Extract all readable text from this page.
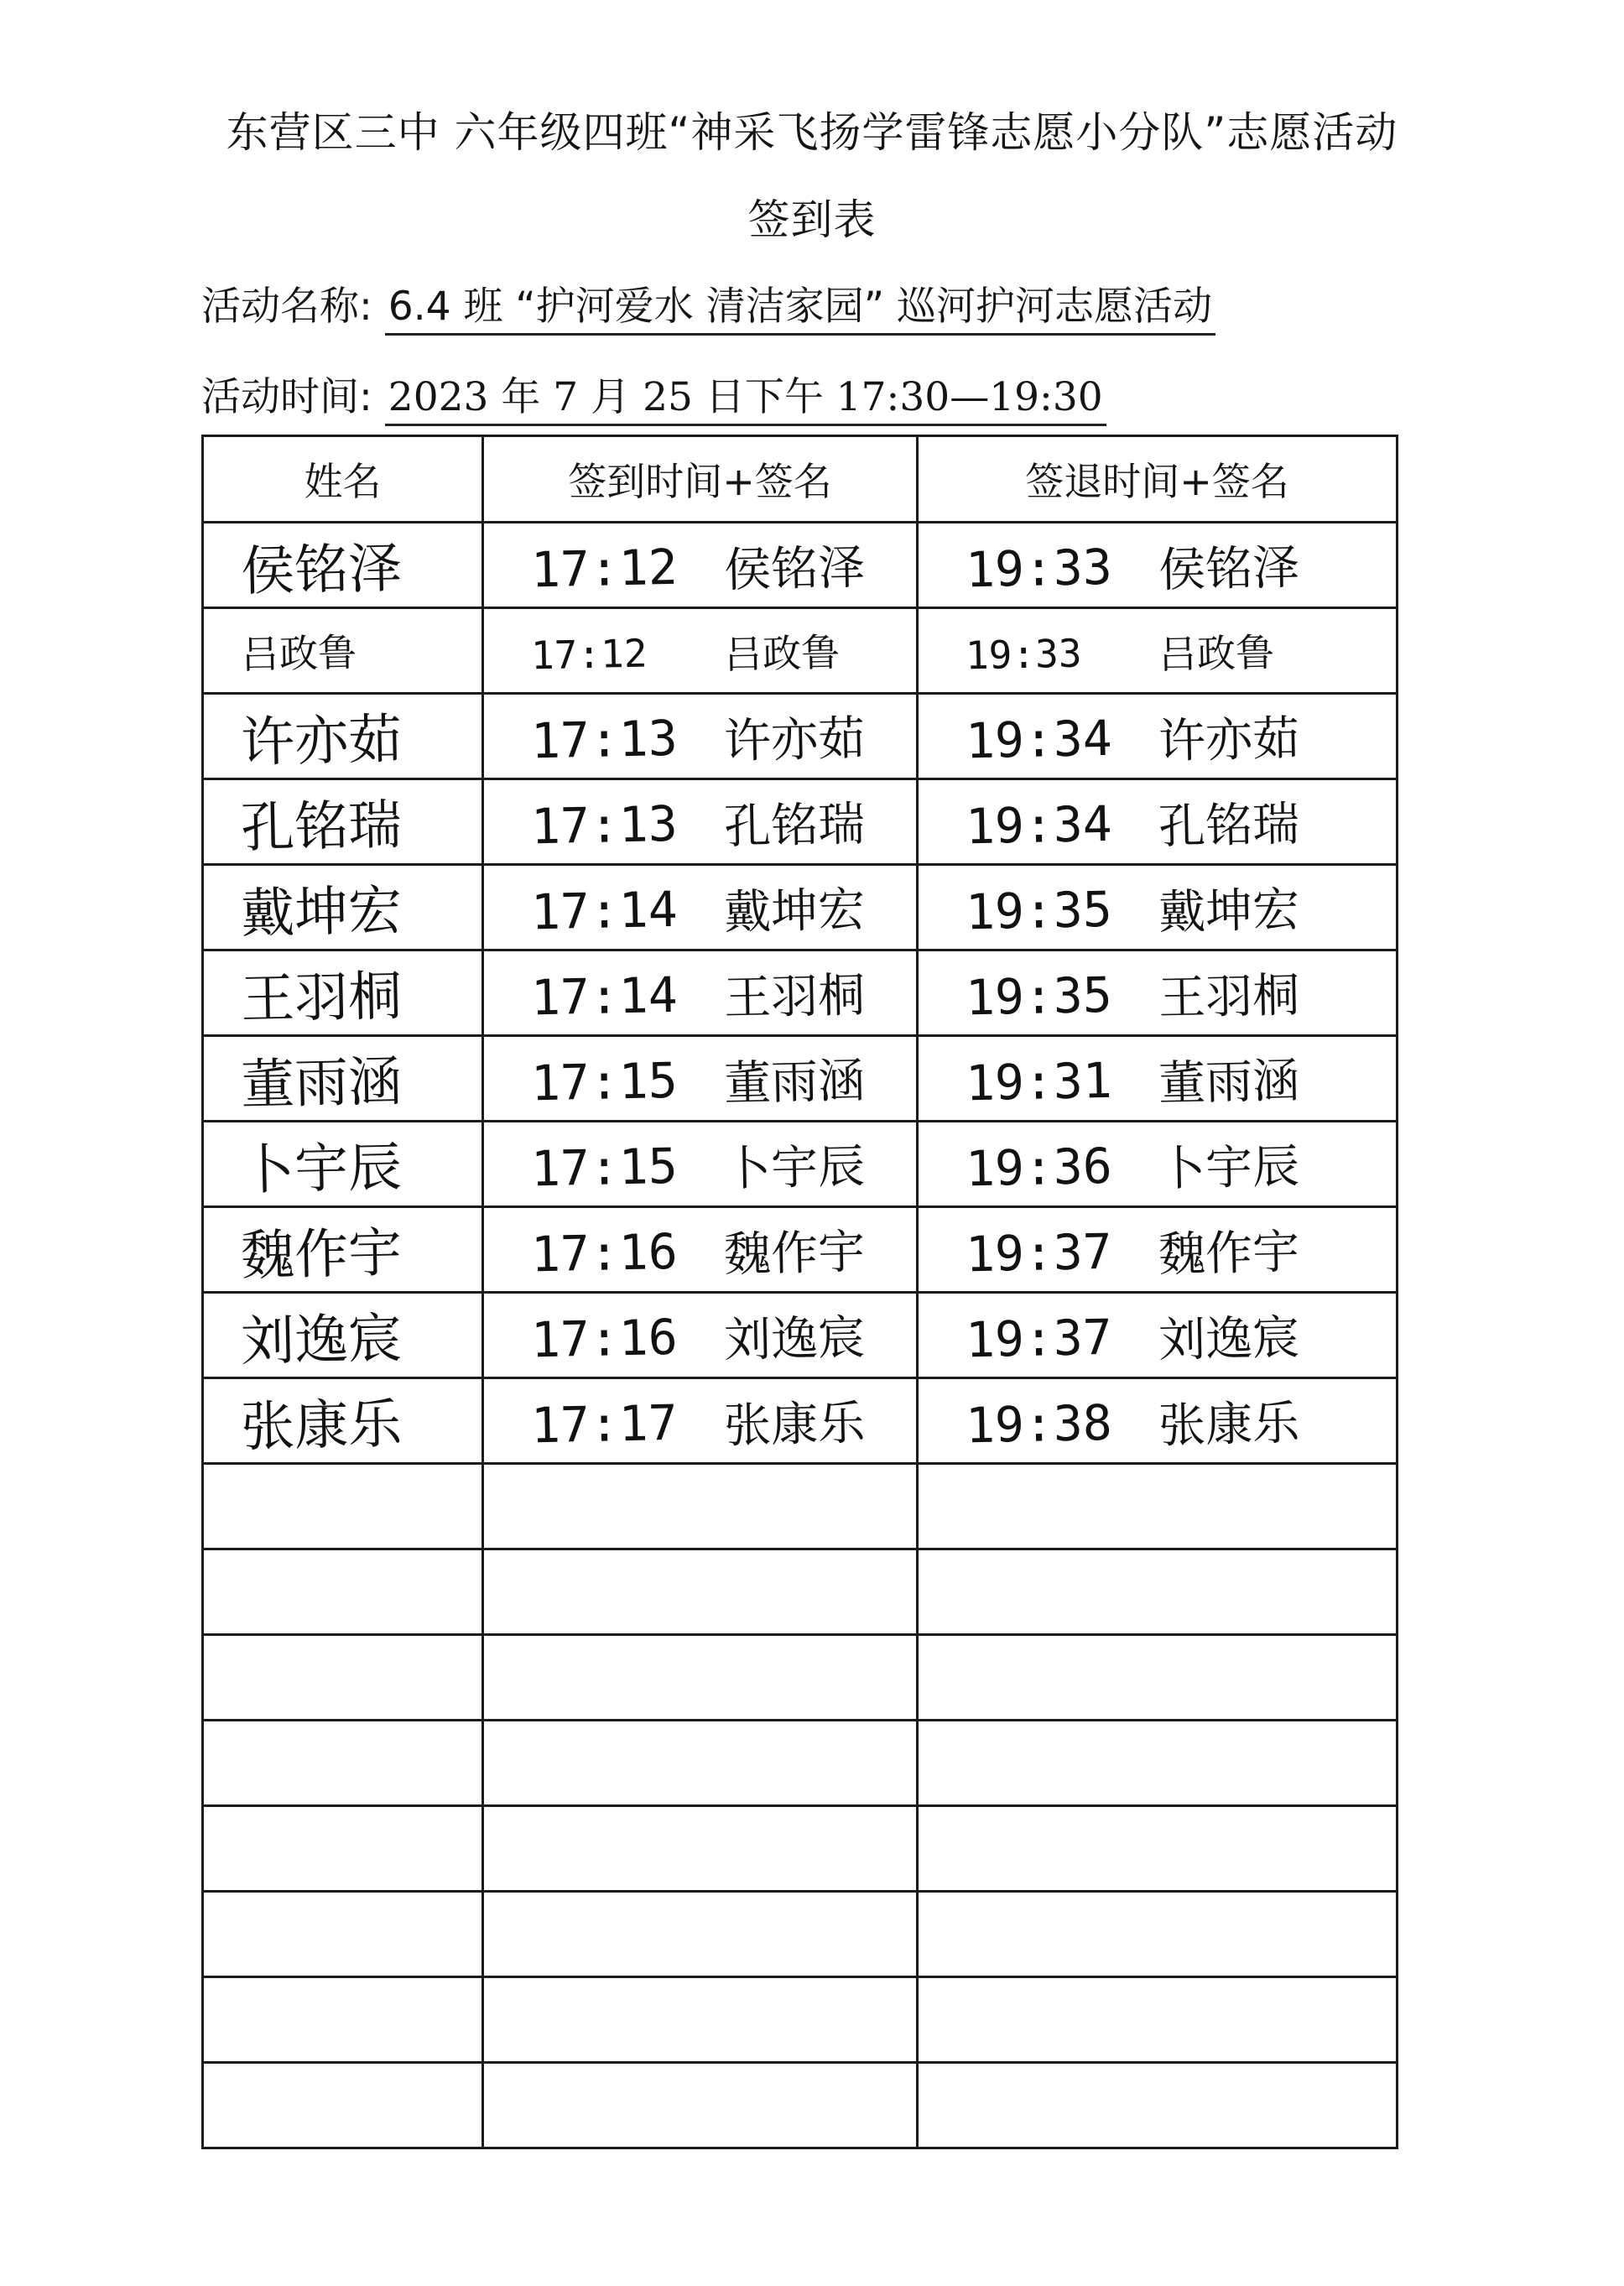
东营区三中 六年级四班“神采飞扬学雷锋志愿小分队”志愿活动
签到表
活动名称: 6.4 班 “护河爱水 清洁家园” 巡河护河志愿活动
活动时间: 2023 年 7 月 25 日下午 17:30—19:30
姓名	签到时间+签名	签退时间+签名
侯铭泽	17:12 侯铭泽	19:33 侯铭泽
吕政鲁	17:12 吕政鲁	19:33 吕政鲁
许亦茹	17:13 许亦茹	19:34 许亦茹
孔铭瑞	17:13 孔铭瑞	19:34 孔铭瑞
戴坤宏	17:14 戴坤宏	19:35 戴坤宏
王羽桐	17:14 王羽桐	19:35 王羽桐
董雨涵	17:15 董雨涵	19:31 董雨涵
卜宇辰	17:15 卜宇辰	19:36 卜宇辰
魏作宇	17:16 魏作宇	19:37 魏作宇
刘逸宸	17:16 刘逸宸	19:37 刘逸宸
张康乐	17:17 张康乐	19:38 张康乐
